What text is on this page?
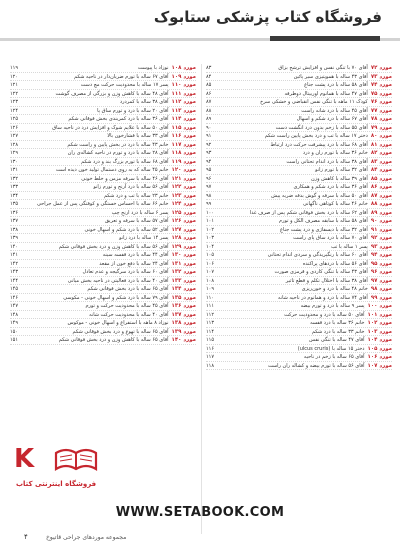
فروشگاه کتاب پزشکی ستابوک
مورد
۷۲
آقای ۷۰ با تنگی نفس و افزایش ترشح بزاق
۸۳
مورد
۷۳
آقای ۴۳ ساله با هموپتیزی سیر پائین
۸۴
مورد
۷۴
آقای ۵۸ ساله با درد پشت جناغ
۸۵
مورد
۷۵
آقای ۴۷ ساله با همانوم اوربیتال دوطرفه
۸۶
مورد
۷۶
کودک ۱۱ ماهه با تنگی نفس انقباضی و خشکی سرخ
۸۷
مورد
۷۷
آقای ۴۵ ساله با درد شانه راست
۸۸
مورد
۷۸
آقای ۶۷ ساله با درد شکم و اسهال
۸۹
مورد
۷۹
آقای ۵۵ ساله با زخم بدون درد انگشت دست
۹۰
مورد
۸۰
دختر ۱۷ ساله با تب و درد بخش پایین راست شکم
۹۱
مورد
۸۱
آقای ۶۸ ساله با درد پیشرفت حرکت درد ارتباط
۹۲
مورد
۸۲
خانم ۳۶ ساله با تورم ران و درد
۹۳
مورد
۸۳
آقای ۳۸ ساله با درد اندام تحتانی راست
۹۴
مورد
۸۴
آقای ۳۲ ساله با تورم زانو
۹۵
مورد
۸۵
آقای ۳۹ ساله با کاهش وزن
۹۶
مورد
۸۶
آقای ۳۶ ساله با درد شکم و همکاری
۹۷
مورد
۸۷
آقای ۵۰ ساله با سرفه و گوش بدفه ضربه پیش
۹۸
مورد
۸۸
خانم ۴۶ ساله با کوتاهی ناگهانی
۹۹
مورد
۸۹
آقای ۶۲ ساله با درد بخش فوقانی شکم پس از صرف غذا
۱۰۰
مورد
۹۰
آقای ۵۸ ساله با سابقه مصرف الکل و تورم
۱۰۱
مورد
۹۱
آقای ۳۲ ساله با دیسفاژی و درد پشت جناغ
۱۰۲
مورد
۹۲
آقای ۷۰ ساله با درد ساق پای راست
۱۰۳
مورد
۹۳
پسر ۱ ساله با تب
۱۰۴
مورد
۹۴
آقای ۶۰ ساله با رنگپریدگی و سردی اندام تحتانی
۱۰۵
مورد
۹۵
آقای ۵۶ ساله با دردهای پراکنده
۱۰۶
مورد
۹۶
آقای ۴۳ ساله با تنگی کاردی و قرمزی صورت
۱۰۷
مورد
۹۷
آقای ۳۸ ساله با اختلال تکلم و قطع تاثیر
۱۰۸
مورد
۹۸
خانم ۴۸ ساله با درد و خون‌ریزی
۱۰۹
مورد
۹۹
آقای ۷۴ ساله با درد و همانوم در ناحیه شانه
۱۱۰
مورد
۱۰۰
پسر ۹ ساله با درد و تورم بیضه
۱۱۱
مورد
۱۰۱
آقای ۵۰ ساله با درد و محدودیت حرکت
۱۱۲
مورد
۱۰۲
خانم ۳۶ ساله با درد قفسه
۱۱۳
مورد
۱۰۳
خانم ۳۳ ساله با درد شکم
۱۱۴
مورد
۱۰۴
آقای ۴۷ ساله با تنگی نفس
۱۱۵
مورد
۱۰۵
دختر ۱۵ ساله با (ulcus cruris)
۱۱۶
مورد
۱۰۶
آقای ۶۵ ساله با زخم در ناحیه
۱۱۷
مورد
۱۰۷
آقای ۵۶ ساله با تورم بیضه و کشاله ران راست
۱۱۸
مورد
۱۰۸
نوزاد با پیوست
۱۱۹
مورد
۱۰۹
آقای ۶۷ ساله با تورم ضربان‌دار در ناحیه شکم
۱۲۰
مورد
۱۱۰
پسر ۱۷ ساله با محدودیت حرکت مچ دست
۱۲۱
مورد
۱۱۱
آقای ۴۸ ساله با کاهش وزن و بزرگی از مصرف گوشت
۱۲۲
مورد
۱۱۲
آقای ۳۸ ساله با کمردرد
۱۲۳
مورد
۱۱۳
آقای ۲۰ ساله با درد و تورم ساق پا
۱۲۴
مورد
۱۱۴
آقای ۳۶ ساله با درد کمربندی بخش فوقانی شکم
۱۲۵
مورد
۱۱۵
آقای ۵۰ ساله با علایم شوک و افزایش درد در ناحیه ساق
۱۲۶
مورد
۱۱۶
آقای ۳۳ ساله با فشارخون بالا
۱۲۷
مورد
۱۱۷
خانم ۴۳ ساله با درد در بخش پایین و راست شکم
۱۲۸
مورد
۱۱۸
آقای ۲۸ ساله با درد و تورم در ناحیه کشاله‌ی ران
۱۲۹
مورد
۱۱۹
آقای ۶۸ ساله با تورم بزرگ بند و درد شکم
۱۳۰
مورد
۱۲۰
خانم ۴۵ ساله که به روی دستمال تولید خون دیده است
۱۳۱
مورد
۱۲۱
آقای ۴۶ ساله با سرفه مزمن و خلط خونی
۱۳۲
مورد
۱۲۲
آقای ۵۶ ساله با درد آرنج و تورم زانو
۱۳۳
مورد
۱۲۳
خانم ۲۳ ساله با تب و درد شکم
۱۳۴
مورد
۱۲۴
خانم ۶۶ ساله با احساس خستگی و کوفتگی پس از عمل جراحی
۱۳۵
مورد
۱۲۵
پسر ۶ ساله با درد ارنج چپ
۱۳۶
مورد
۱۲۶
آقای ۵۷ ساله با سرفه و تعریق
۱۳۷
مورد
۱۲۷
آقای ۵۲ ساله با درد شکم و اسهال خونی
۱۳۸
مورد
۱۲۸
پسر ۱۴ ساله با درد زانو
۱۳۹
مورد
۱۲۹
آقای ۵۶ ساله با کاهش وزن و درد بخش فوقانی شکم
۱۴۰
مورد
۱۳۰
آقای ۴۴ ساله با درد قفسه سینه
۱۴۱
مورد
۱۳۱
آقای ۲۴ ساله با دفع خون از مقعد
۱۴۲
مورد
۱۳۲
آقای ۶۰ ساله با درد سرگیجه و عدم تعادل
۱۴۳
مورد
۱۳۳
آقای ۴۰ ساله با درد فعالیتی در ناحیه بخش میانی
۱۴۴
مورد
۱۳۴
آقای ۶۵ ساله با درد بخش فوقانی شکم
۱۴۵
مورد
۱۳۵
آقای ۷۹ ساله با درد شکم و اسهال خونی - مکوسی
۱۴۶
مورد
۱۳۶
آقای ۴۵ ساله با محدودیت حرکت و تورم
۱۴۷
مورد
۱۳۷
آقای ۴۰ ساله با محدودیت حرکت شانه
۱۴۸
مورد
۱۳۸
نوزاد ۸ ماهه با استفراغ و اسهال خونی - موکوس
۱۴۹
مورد
۱۳۹
آقای ۶۵ ساله با تهوع و درد بخش فوقانی شکم
۱۵۰
مورد
۱۴۰
آقای ۶۵ ساله با کاهش وزن و درد بخش فوقانی شکم
۱۵۱
K
فروشگاه اینترنتی کتاب
WWW.SETABOOK.COM
۴	مجموعه موردهای جراحی قاتیوخ
